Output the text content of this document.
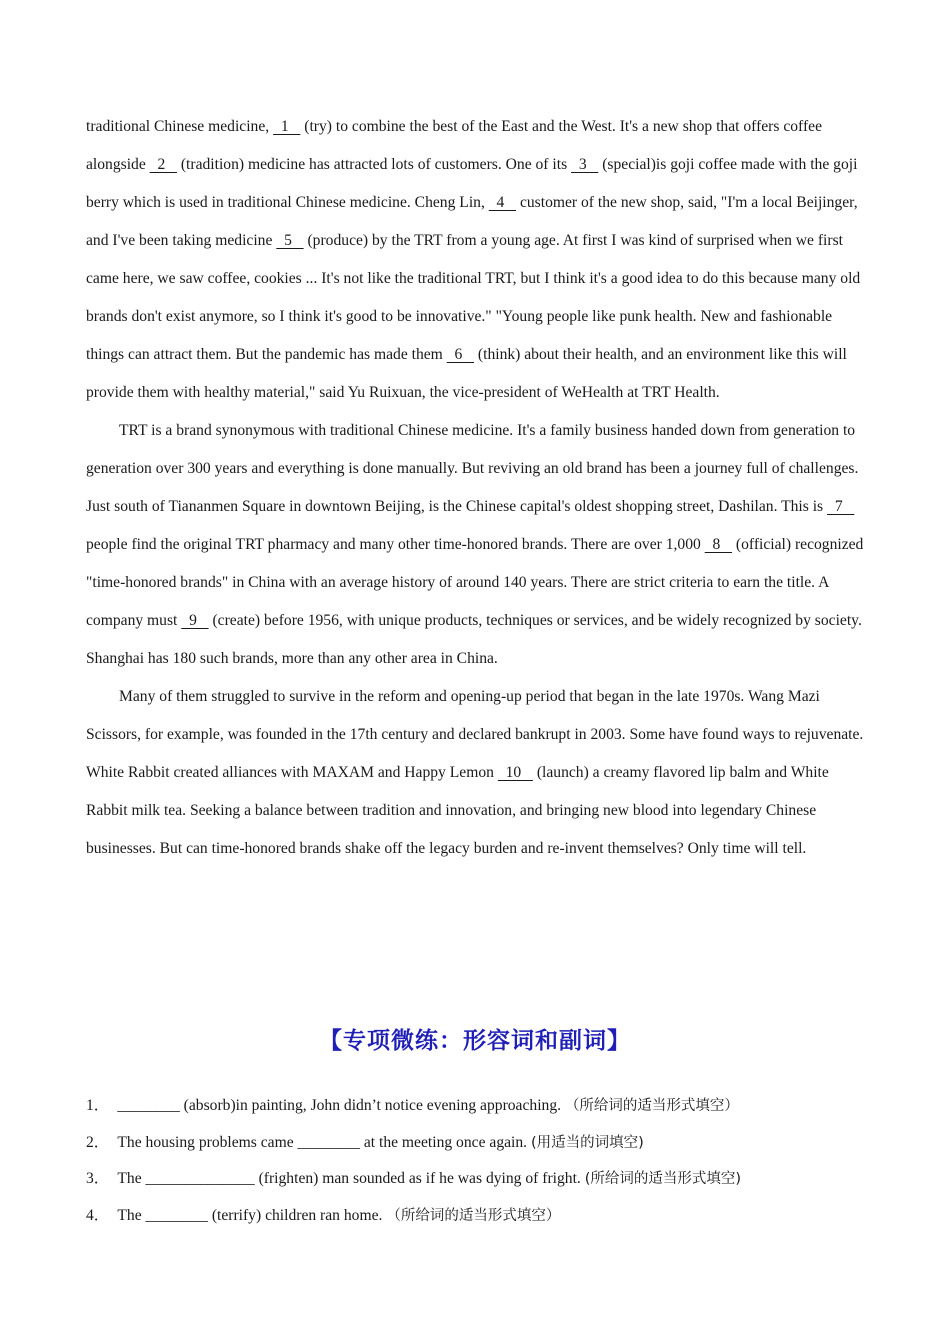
traditional Chinese medicine,   1    (try) to combine the best of the East and the West. It's a new shop that offers coffee alongside   2    (tradition) medicine has attracted lots of customers. One of its   3    (special)is goji coffee made with the goji berry which is used in traditional Chinese medicine. Cheng Lin,   4    customer of the new shop, said, "I'm a local Beijinger, and I've been taking medicine   5    (produce) by the TRT from a young age. At first I was kind of surprised when we first came here, we saw coffee, cookies ... It's not like the traditional TRT, but I think it's a good idea to do this because many old brands don't exist anymore, so I think it's good to be innovative." "Young people like punk health. New and fashionable things can attract them. But the pandemic has made them   6    (think) about their health, and an environment like this will provide them with healthy material," said Yu Ruixuan, the vice-president of WeHealth at TRT Health.

TRT is a brand synonymous with traditional Chinese medicine. It's a family business handed down from generation to generation over 300 years and everything is done manually. But reviving an old brand has been a journey full of challenges. Just south of Tiananmen Square in downtown Beijing, is the Chinese capital's oldest shopping street, Dashilan. This is   7    people find the original TRT pharmacy and many other time-honored brands. There are over 1,000   8    (official) recognized "time-honored brands" in China with an average history of around 140 years. There are strict criteria to earn the title. A company must   9    (create) before 1956, with unique products, techniques or services, and be widely recognized by society. Shanghai has 180 such brands, more than any other area in China.

Many of them struggled to survive in the reform and opening-up period that began in the late 1970s. Wang Mazi Scissors, for example, was founded in the 17th century and declared bankrupt in 2003. Some have found ways to rejuvenate. White Rabbit created alliances with MAXAM and Happy Lemon   10    (launch) a creamy flavored lip balm and White Rabbit milk tea. Seeking a balance between tradition and innovation, and bringing new blood into legendary Chinese businesses. But can time-honored brands shake off the legacy burden and re-invent themselves? Only time will tell.

【专项微练：形容词和副词】

1． ________ (absorb)in painting, John didn’t notice evening approaching. （所给词的适当形式填空）

2． The housing problems came ________ at the meeting once again. (用适当的词填空)

3． The ______________ (frighten) man sounded as if he was dying of fright. (所给词的适当形式填空)

4． The ________ (terrify) children ran home. （所给词的适当形式填空）
